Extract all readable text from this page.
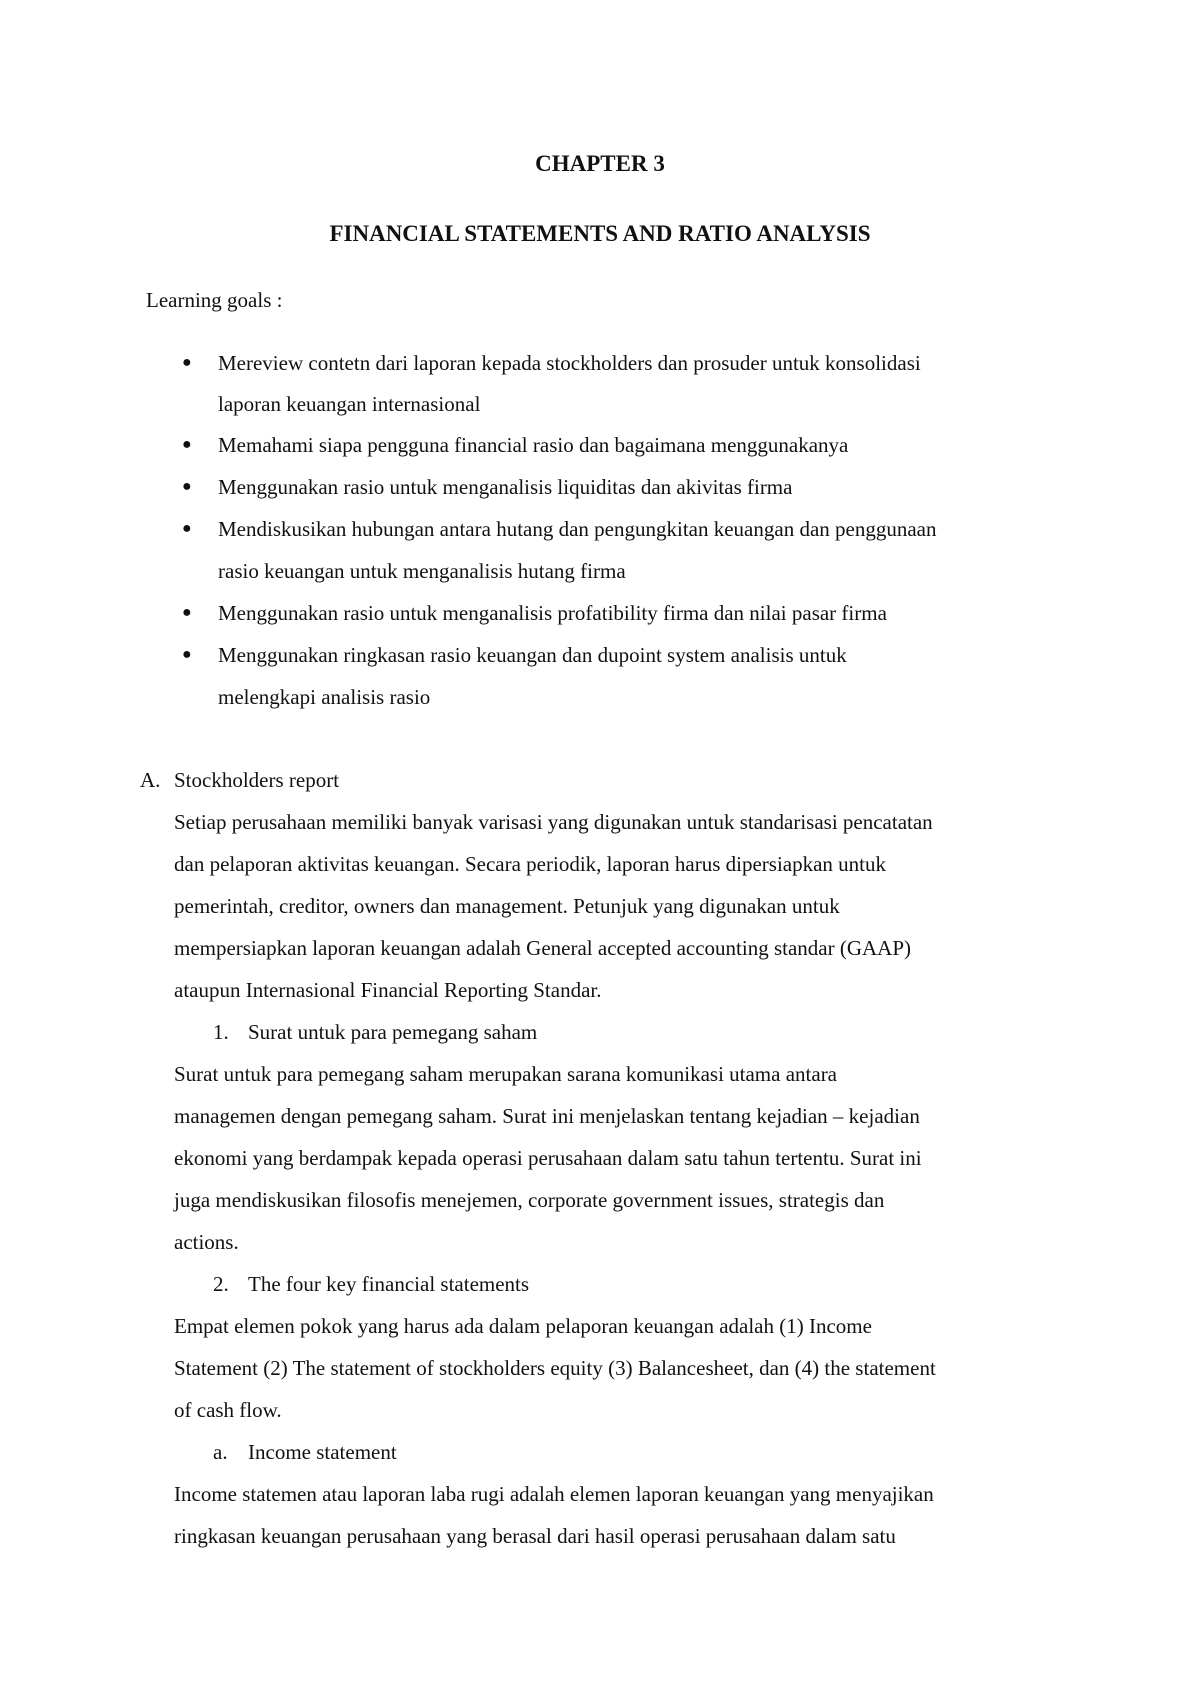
CHAPTER 3
FINANCIAL STATEMENTS AND RATIO ANALYSIS
Learning goals :
● Mereview contetn dari laporan kepada stockholders dan prosuder untuk konsolidasi
laporan keuangan internasional
● Memahami siapa pengguna financial rasio dan bagaimana menggunakanya
● Menggunakan rasio untuk menganalisis liquiditas dan akivitas firma
● Mendiskusikan hubungan antara hutang dan pengungkitan keuangan dan penggunaan
rasio keuangan untuk menganalisis hutang firma
● Menggunakan rasio untuk menganalisis profatibility firma dan nilai pasar firma
● Menggunakan ringkasan rasio keuangan dan dupoint system analisis untuk
melengkapi analisis rasio
A. Stockholders report
Setiap perusahaan memiliki banyak varisasi yang digunakan untuk standarisasi pencatatan
dan pelaporan aktivitas keuangan. Secara periodik, laporan harus dipersiapkan untuk
pemerintah, creditor, owners dan management. Petunjuk yang digunakan untuk
mempersiapkan laporan keuangan adalah General accepted accounting standar (GAAP)
ataupun Internasional Financial Reporting Standar.
1. Surat untuk para pemegang saham
Surat untuk para pemegang saham merupakan sarana komunikasi utama antara
managemen dengan pemegang saham. Surat ini menjelaskan tentang kejadian – kejadian
ekonomi yang berdampak kepada operasi perusahaan dalam satu tahun tertentu. Surat ini
juga mendiskusikan filosofis menejemen, corporate government issues, strategis dan
actions.
2. The four key financial statements
Empat elemen pokok yang harus ada dalam pelaporan keuangan adalah (1) Income
Statement (2) The statement of stockholders equity (3) Balancesheet, dan (4) the statement
of cash flow.
a. Income statement
Income statemen atau laporan laba rugi adalah elemen laporan keuangan yang menyajikan
ringkasan keuangan perusahaan yang berasal dari hasil operasi perusahaan dalam satu
